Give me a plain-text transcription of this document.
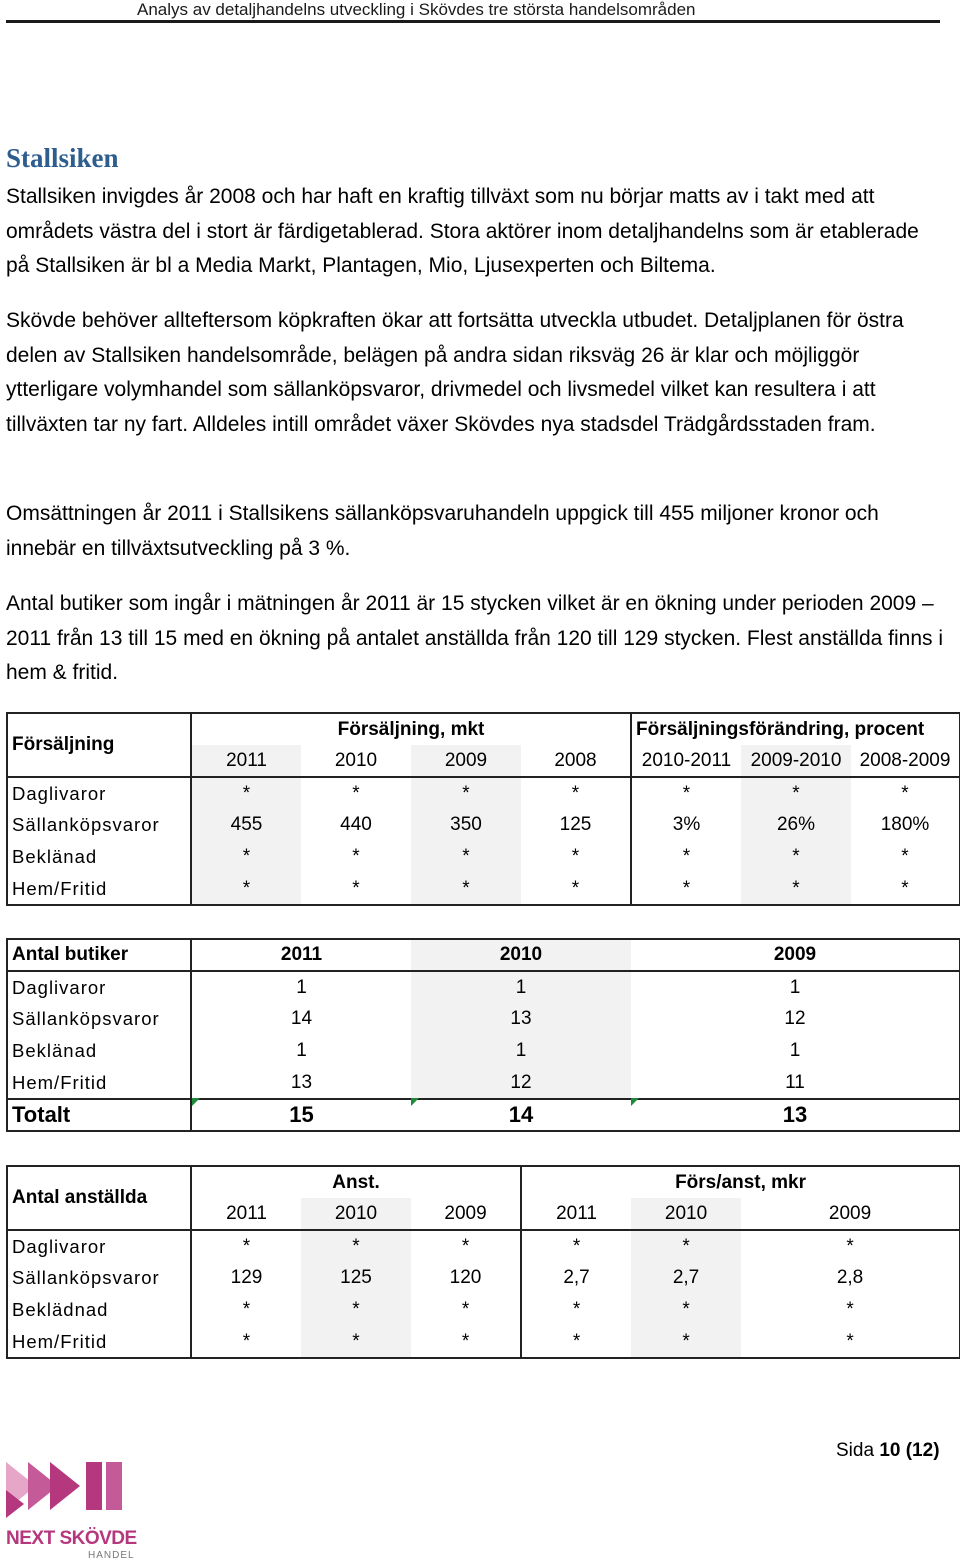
Analys av detaljhandelns utveckling i Skövdes tre största handelsområden
Stallsiken

Stallsiken invigdes år 2008 och har haft en kraftig tillväxt som nu börjar matts av i takt med att områdets västra del i stort är färdigetablerad. Stora aktörer inom detaljhandelns som är etablerade på Stallsiken är bl a Media Markt, Plantagen, Mio, Ljusexperten och Biltema.

Skövde behöver allteftersom köpkraften ökar att fortsätta utveckla utbudet. Detaljplanen för östra delen av Stallsiken handelsområde, belägen på andra sidan riksväg 26 är klar och möjliggör ytterligare volymhandel som sällanköpsvaror, drivmedel och livsmedel vilket kan resultera i att tillväxten tar ny fart. Alldeles intill området växer Skövdes nya stadsdel Trädgårdsstaden fram.

Omsättningen år 2011 i Stallsikens sällanköpsvaruhandeln uppgick till 455 miljoner kronor och innebär en tillväxtsutveckling på 3 %.

Antal butiker som ingår i mätningen år 2011 är 15 stycken vilket är en ökning under perioden 2009 – 2011 från 13 till 15 med en ökning på antalet anställda från 120 till 129 stycken. Flest anställda finns i hem & fritid.

Försäljning	Försäljning, mkt				Försäljningsförändring, procent		
	2011	2010	2009	2008	2010-2011	2009-2010	2008-2009
Daglivaror	*	*	*	*	*	*	*
Sällanköpsvaror	455	440	350	125	3%	26%	180%
Beklänad	*	*	*	*	*	*	*
Hem/Fritid	*	*	*	*	*	*	*
Antal butiker	2011	2010	2009
Daglivaror	1	1	1
Sällanköpsvaror	14	13	12
Beklänad	1	1	1
Hem/Fritid	13	12	11
Totalt	15	14	13
Antal anställda	Anst.			Förs/anst, mkr		
	2011	2010	2009	2011	2010	2009
Daglivaror	*	*	*	*	*	*
Sällanköpsvaror	129	125	120	2,7	2,7	2,8
Beklädnad	*	*	*	*	*	*
Hem/Fritid	*	*	*	*	*	*
Sida 10 (12)
NEXT SKÖVDE
HANDEL
